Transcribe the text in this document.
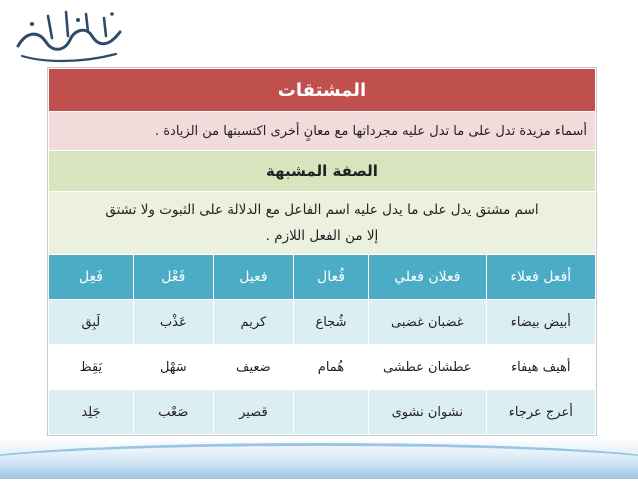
المشتقات					
أسماء مزيدة تدل على ما تدل عليه مجرداتها مع معانٍ أخرى اكتسبتها من الزيادة .					
الصفة المشبهة					

اسم مشتق يدل على ما يدل عليه اسم الفاعل مع الدلالة على الثبوت ولا تشتق
إلا من الفعل اللازم .					

أفعل فعلاء	فعلان فعلي	فُعال	فعيل	فَعْل	فَعِل
أبيض بيضاء	غضبان غضبى	شُجاع	كريم	عَذْب	لَبِق
أهيف هيفاء	عطشان عطشى	هُمام	ضعيف	سَهْل	يَقِظ
أعرج عرجاء	نشوان نشوى		قصير	صَعْب	جَلِد
